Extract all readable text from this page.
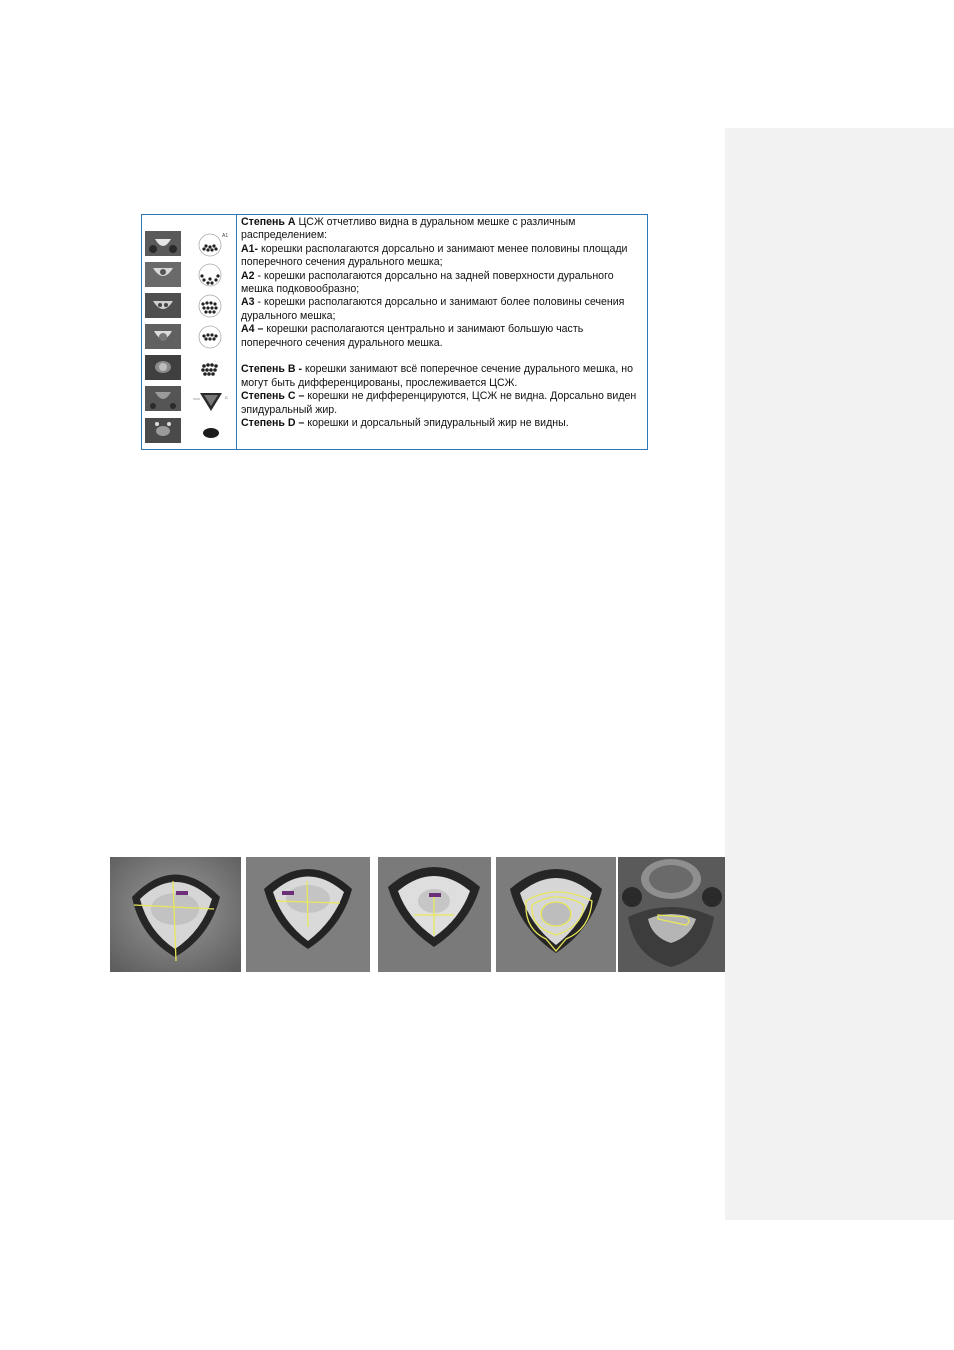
A1
C

Степень А ЦСЖ отчетливо видна в дуральном мешке с различным распределением:

А1- корешки располагаются дорсально и занимают менее половины площади поперечного сечения дурального мешка;

А2 - корешки располагаются дорсально на задней поверхности дурального мешка подковообразно;

А3 - корешки располагаются дорсально и занимают более половины сечения дурального мешка;

А4 – корешки располагаются центрально и занимают большую часть поперечного сечения дурального мешка.

Степень В - корешки занимают всё поперечное сечение дурального мешка, но могут быть дифференцированы, прослеживается ЦСЖ.

Степень С – корешки не дифференцируются, ЦСЖ не видна. Дорсально виден эпидуральный жир.

Степень D – корешки и дорсальный эпидуральный жир не видны.
